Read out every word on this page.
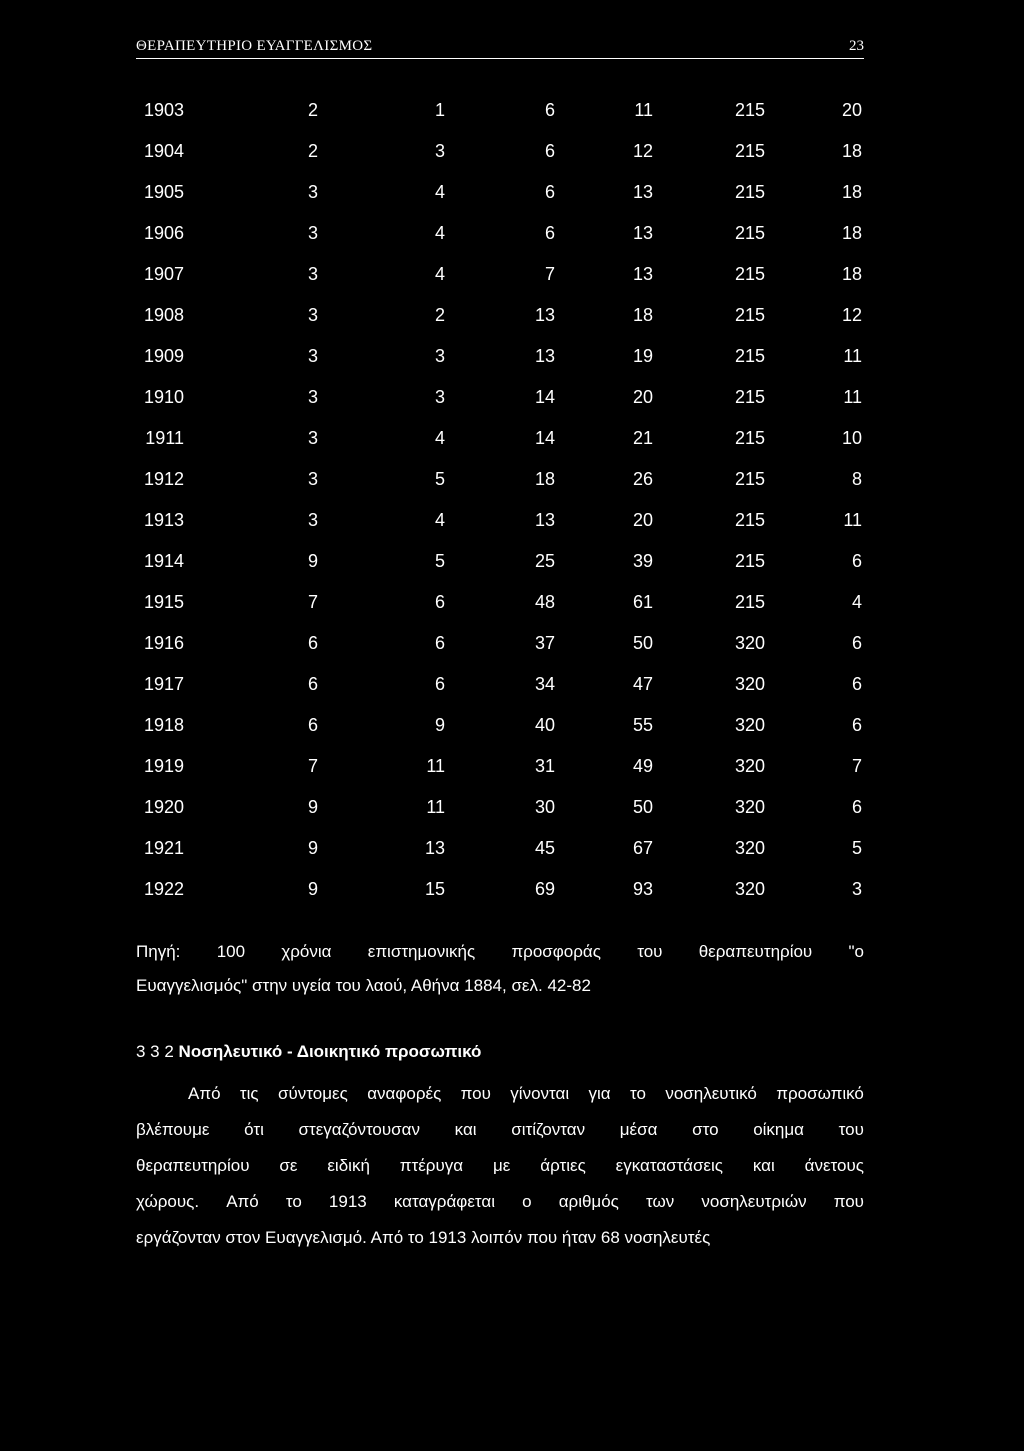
ΘΕΡΑΠΕΥΤΗΡΙΟ ΕΥΑΓΓΕΛΙΣΜΟΣ	23
1903	2	1	6	11	215	20
1904	2	3	6	12	215	18
1905	3	4	6	13	215	18
1906	3	4	6	13	215	18
1907	3	4	7	13	215	18
1908	3	2	13	18	215	12
1909	3	3	13	19	215	11
1910	3	3	14	20	215	11
1911	3	4	14	21	215	10
1912	3	5	18	26	215	8
1913	3	4	13	20	215	11
1914	9	5	25	39	215	6
1915	7	6	48	61	215	4
1916	6	6	37	50	320	6
1917	6	6	34	47	320	6
1918	6	9	40	55	320	6
1919	7	11	31	49	320	7
1920	9	11	30	50	320	6
1921	9	13	45	67	320	5
1922	9	15	69	93	320	3
Πηγή: 100 χρόνια επιστημονικής προσφοράς του θεραπευτηρίου "ο
Ευαγγελισμός" στην υγεία του λαού, Αθήνα 1884, σελ. 42-82
3 3 2 Νοσηλευτικό - Διοικητικό προσωπικό
Από τις σύντομες αναφορές που γίνονται για το νοσηλευτικό προσωπικό
βλέπουμε ότι στεγαζόντουσαν και σιτίζονταν μέσα στο οίκημα του
θεραπευτηρίου σε ειδική πτέρυγα με άρτιες εγκαταστάσεις και άνετους
χώρους. Από το 1913 καταγράφεται ο αριθμός των νοσηλευτριών που
εργάζονταν στον Ευαγγελισμό. Από το 1913 λοιπόν που ήταν 68 νοσηλευτές
